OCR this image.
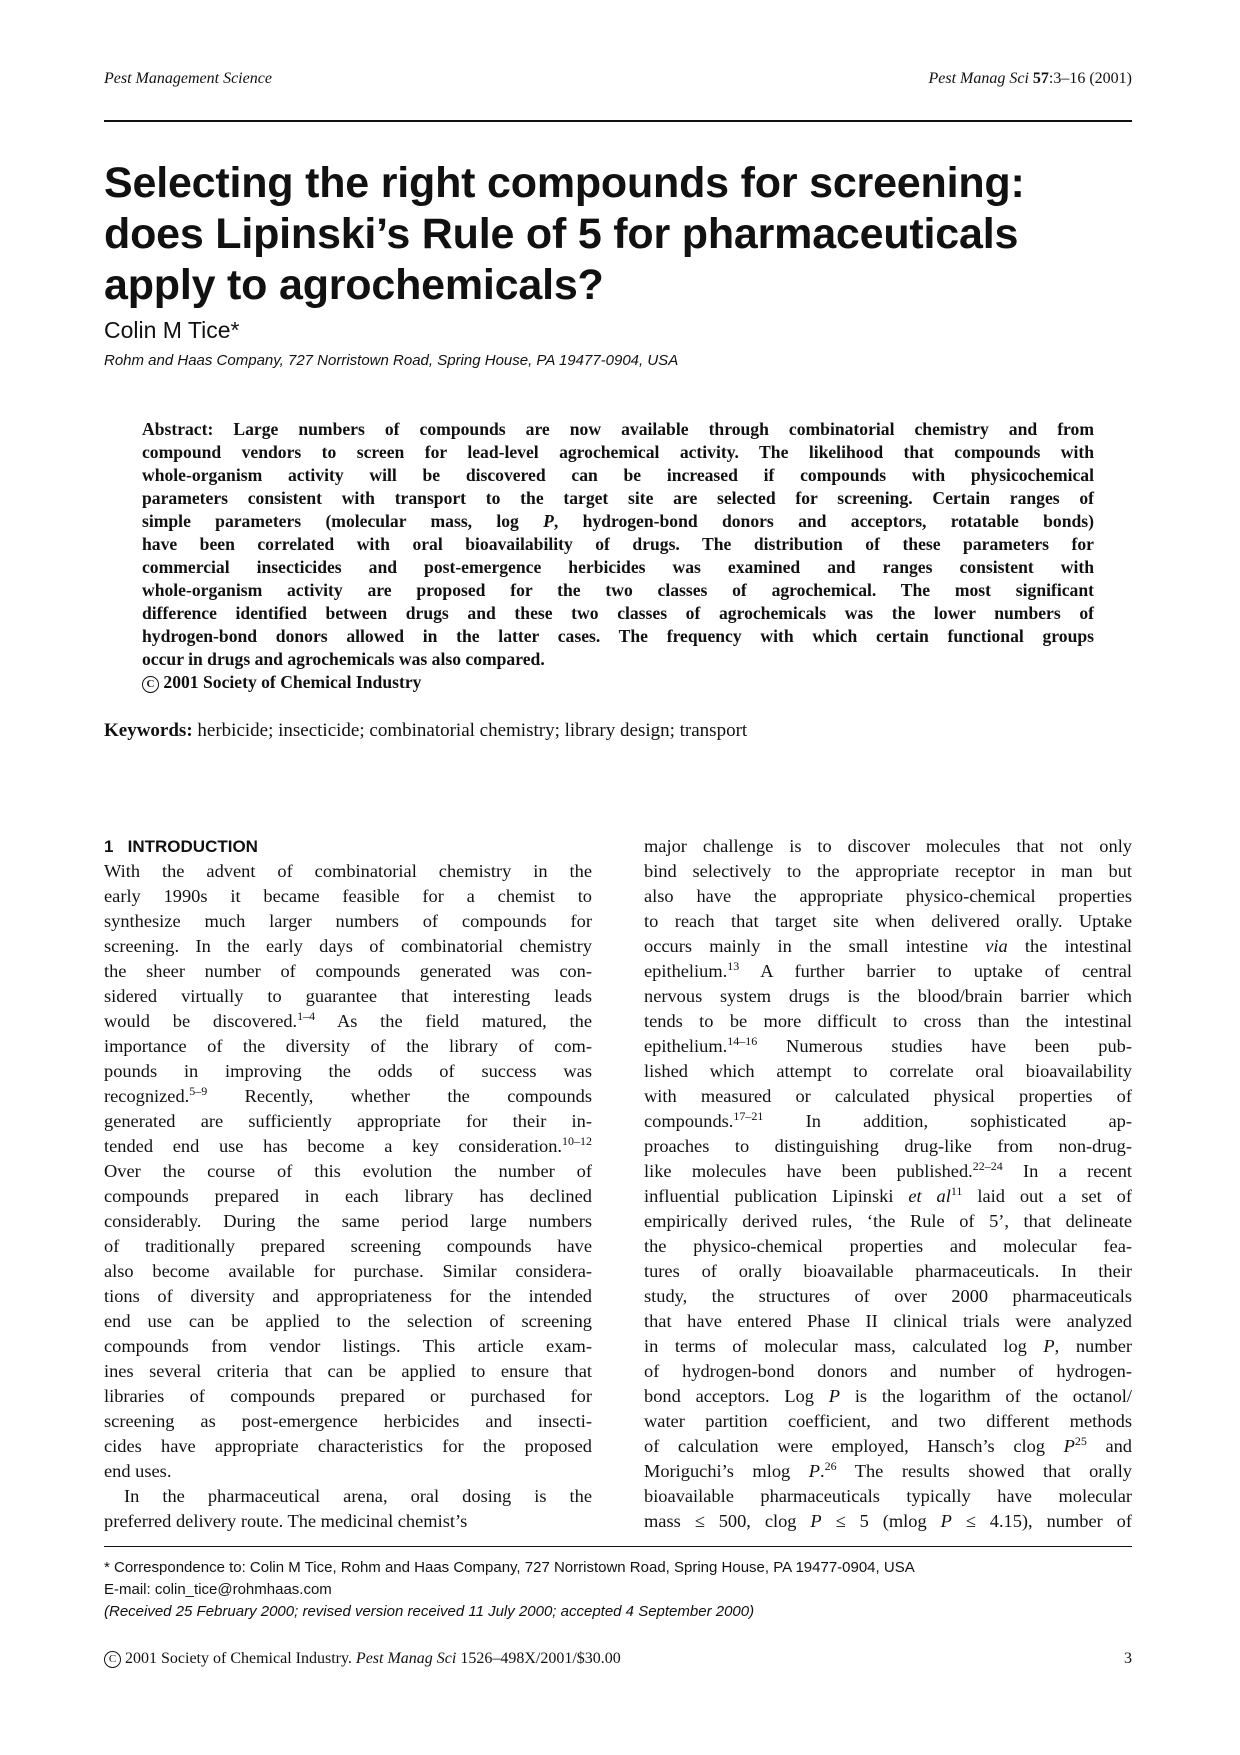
Pest Management Science	Pest Manag Sci 57:3–16 (2001)
Selecting the right compounds for screening:
does Lipinski’s Rule of 5 for pharmaceuticals
apply to agrochemicals?
Colin M Tice*
Rohm and Haas Company, 727 Norristown Road, Spring House, PA 19477-0904, USA
Abstract: Large numbers of compounds are now available through combinatorial chemistry and from
compound vendors to screen for lead-level agrochemical activity. The likelihood that compounds with
whole-organism activity will be discovered can be increased if compounds with physicochemical
parameters consistent with transport to the target site are selected for screening. Certain ranges of
simple parameters (molecular mass, log P, hydrogen-bond donors and acceptors, rotatable bonds)
have been correlated with oral bioavailability of drugs. The distribution of these parameters for
commercial insecticides and post-emergence herbicides was examined and ranges consistent with
whole-organism activity are proposed for the two classes of agrochemical. The most significant
difference identified between drugs and these two classes of agrochemicals was the lower numbers of
hydrogen-bond donors allowed in the latter cases. The frequency with which certain functional groups
occur in drugs and agrochemicals was also compared.
C 2001 Society of Chemical Industry
Keywords: herbicide; insecticide; combinatorial chemistry; library design; transport
1 INTRODUCTION
With the advent of combinatorial chemistry in the
early 1990s it became feasible for a chemist to
synthesize much larger numbers of compounds for
screening. In the early days of combinatorial chemistry
the sheer number of compounds generated was con-
sidered virtually to guarantee that interesting leads
would be discovered.$^{1-4}$ As the field matured, the
importance of the diversity of the library of com-
pounds in improving the odds of success was
recognized.$^{5-9}$ Recently, whether the compounds
generated are sufficiently appropriate for their in-
tended end use has become a key consideration.$^{10-12}$
Over the course of this evolution the number of
compounds prepared in each library has declined
considerably. During the same period large numbers
of traditionally prepared screening compounds have
also become available for purchase. Similar considera-
tions of diversity and appropriateness for the intended
end use can be applied to the selection of screening
compounds from vendor listings. This article exam-
ines several criteria that can be applied to ensure that
libraries of compounds prepared or purchased for
screening as post-emergence herbicides and insecti-
cides have appropriate characteristics for the proposed
end uses.
In the pharmaceutical arena, oral dosing is the
preferred delivery route. The medicinal chemist’s
major challenge is to discover molecules that not only
bind selectively to the appropriate receptor in man but
also have the appropriate physico-chemical properties
to reach that target site when delivered orally. Uptake
occurs mainly in the small intestine via the intestinal
epithelium.$^{13}$ A further barrier to uptake of central
nervous system drugs is the blood/brain barrier which
tends to be more difficult to cross than the intestinal
epithelium.$^{14-16}$ Numerous studies have been pub-
lished which attempt to correlate oral bioavailability
with measured or calculated physical properties of
compounds.$^{17-21}$ In addition, sophisticated ap-
proaches to distinguishing drug-like from non-drug-
like molecules have been published.$^{22-24}$ In a recent
influential publication Lipinski et $al^{11}$ laid out a set of
empirically derived rules, ‘the Rule of 5’, that delineate
the physico-chemical properties and molecular fea-
tures of orally bioavailable pharmaceuticals. In their
study, the structures of over 2000 pharmaceuticals
that have entered Phase II clinical trials were analyzed
in terms of molecular mass, calculated log P, number
of hydrogen-bond donors and number of hydrogen-
bond acceptors. Log P is the logarithm of the octanol/
water partition coefficient, and two different methods
of calculation were employed, Hansch’s clog $P^{25}$ and
Moriguchi’s mlog P.$^{26}$ The results showed that orally
bioavailable pharmaceuticals typically have molecular
mass ≤ 500, clog P ≤ 5 (mlog P ≤ 4.15), number of
* Correspondence to: Colin M Tice, Rohm and Haas Company, 727 Norristown Road, Spring House, PA 19477-0904, USA
E-mail: colin_tice@rohmhaas.com
(Received 25 February 2000; revised version received 11 July 2000; accepted 4 September 2000)
C 2001 Society of Chemical Industry. Pest Manag Sci 1526–498X/2001/$30.00	3
